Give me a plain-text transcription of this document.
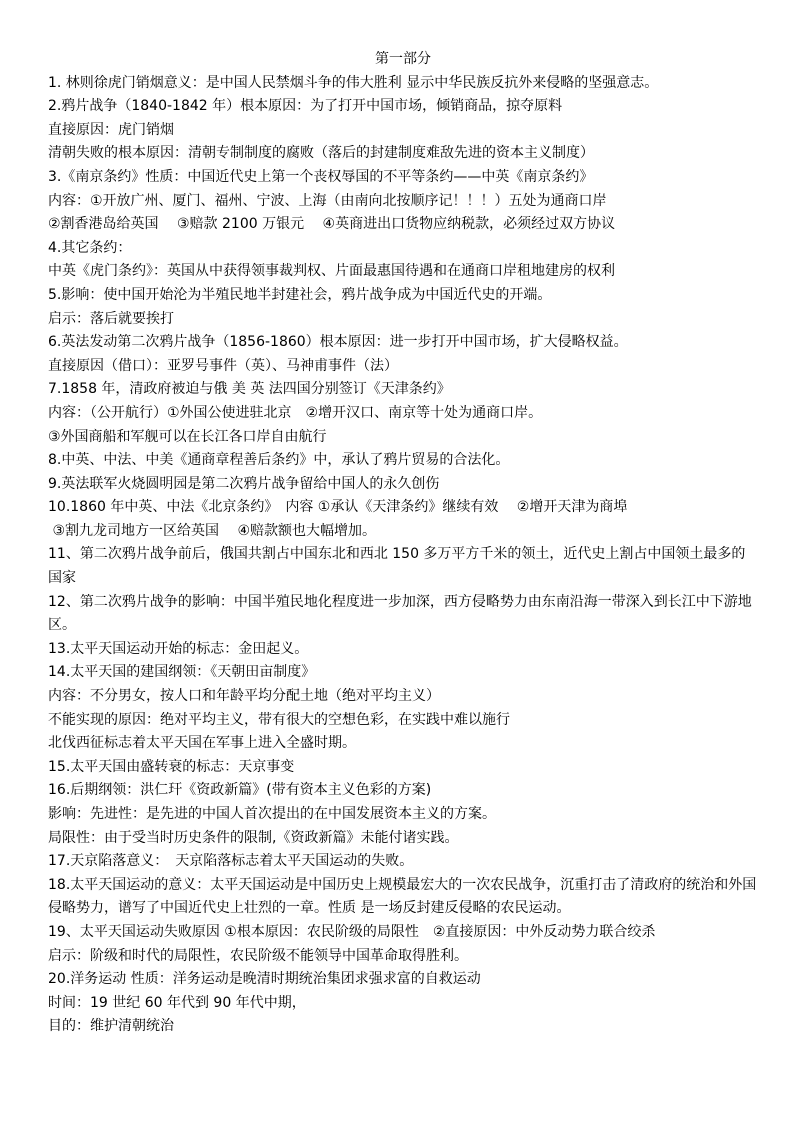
第一部分

1. 林则徐虎门销烟意义：是中国人民禁烟斗争的伟大胜利 显示中华民族反抗外来侵略的坚强意志。

2.鸦片战争（1840-1842 年）根本原因：为了打开中国市场，倾销商品，掠夺原料

直接原因：虎门销烟

清朝失败的根本原因：清朝专制制度的腐败（落后的封建制度难敌先进的资本主义制度）

3.《南京条约》性质：中国近代史上第一个丧权辱国的不平等条约——中英《南京条约》

内容：①开放广州、厦门、福州、宁波、上海（由南向北按顺序记！！！）五处为通商口岸

②割香港岛给英国　 ③赔款 2100 万银元　 ④英商进出口货物应纳税款，必须经过双方协议

4.其它条约：

中英《虎门条约》：英国从中获得领事裁判权、片面最惠国待遇和在通商口岸租地建房的权利

5.影响：使中国开始沦为半殖民地半封建社会，鸦片战争成为中国近代史的开端。

启示：落后就要挨打

6.英法发动第二次鸦片战争（1856-1860）根本原因：进一步打开中国市场，扩大侵略权益。

直接原因（借口）：亚罗号事件（英）、马神甫事件（法）

7.1858 年，清政府被迫与俄 美 英 法四国分别签订《天津条约》

内容：（公开航行）①外国公使进驻北京　②增开汉口、南京等十处为通商口岸。

③外国商船和军舰可以在长江各口岸自由航行

8.中英、中法、中美《通商章程善后条约》中，承认了鸦片贸易的合法化。

9.英法联军火烧圆明园是第二次鸦片战争留给中国人的永久创伤

10.1860 年中英、中法《北京条约》　内容 ①承认《天津条约》继续有效　 ②增开天津为商埠

③割九龙司地方一区给英国　 ④赔款额也大幅增加。

11、第二次鸦片战争前后，俄国共割占中国东北和西北 150 多万平方千米的领土，近代史上割占中国领土最多的国家

12、第二次鸦片战争的影响：中国半殖民地化程度进一步加深，西方侵略势力由东南沿海一带深入到长江中下游地区。

13.太平天国运动开始的标志：金田起义。

14.太平天国的建国纲领：《天朝田亩制度》

内容：不分男女，按人口和年龄平均分配土地（绝对平均主义）

不能实现的原因：绝对平均主义，带有很大的空想色彩，在实践中难以施行

北伐西征标志着太平天国在军事上进入全盛时期。

15.太平天国由盛转衰的标志：天京事变

16.后期纲领：洪仁玕《资政新篇》(带有资本主义色彩的方案)

影响：先进性：是先进的中国人首次提出的在中国发展资本主义的方案。

局限性：由于受当时历史条件的限制,《资政新篇》未能付诸实践。

17.天京陷落意义：　天京陷落标志着太平天国运动的失败。

18.太平天国运动的意义：太平天国运动是中国历史上规模最宏大的一次农民战争，沉重打击了清政府的统治和外国侵略势力，谱写了中国近代史上壮烈的一章。性质 是一场反封建反侵略的农民运动。

19、太平天国运动失败原因 ①根本原因：农民阶级的局限性　②直接原因：中外反动势力联合绞杀

启示：阶级和时代的局限性，农民阶级不能领导中国革命取得胜利。

20.洋务运动 性质：洋务运动是晚清时期统治集团求强求富的自救运动

时间：19 世纪 60 年代到 90 年代中期，

目的：维护清朝统治
